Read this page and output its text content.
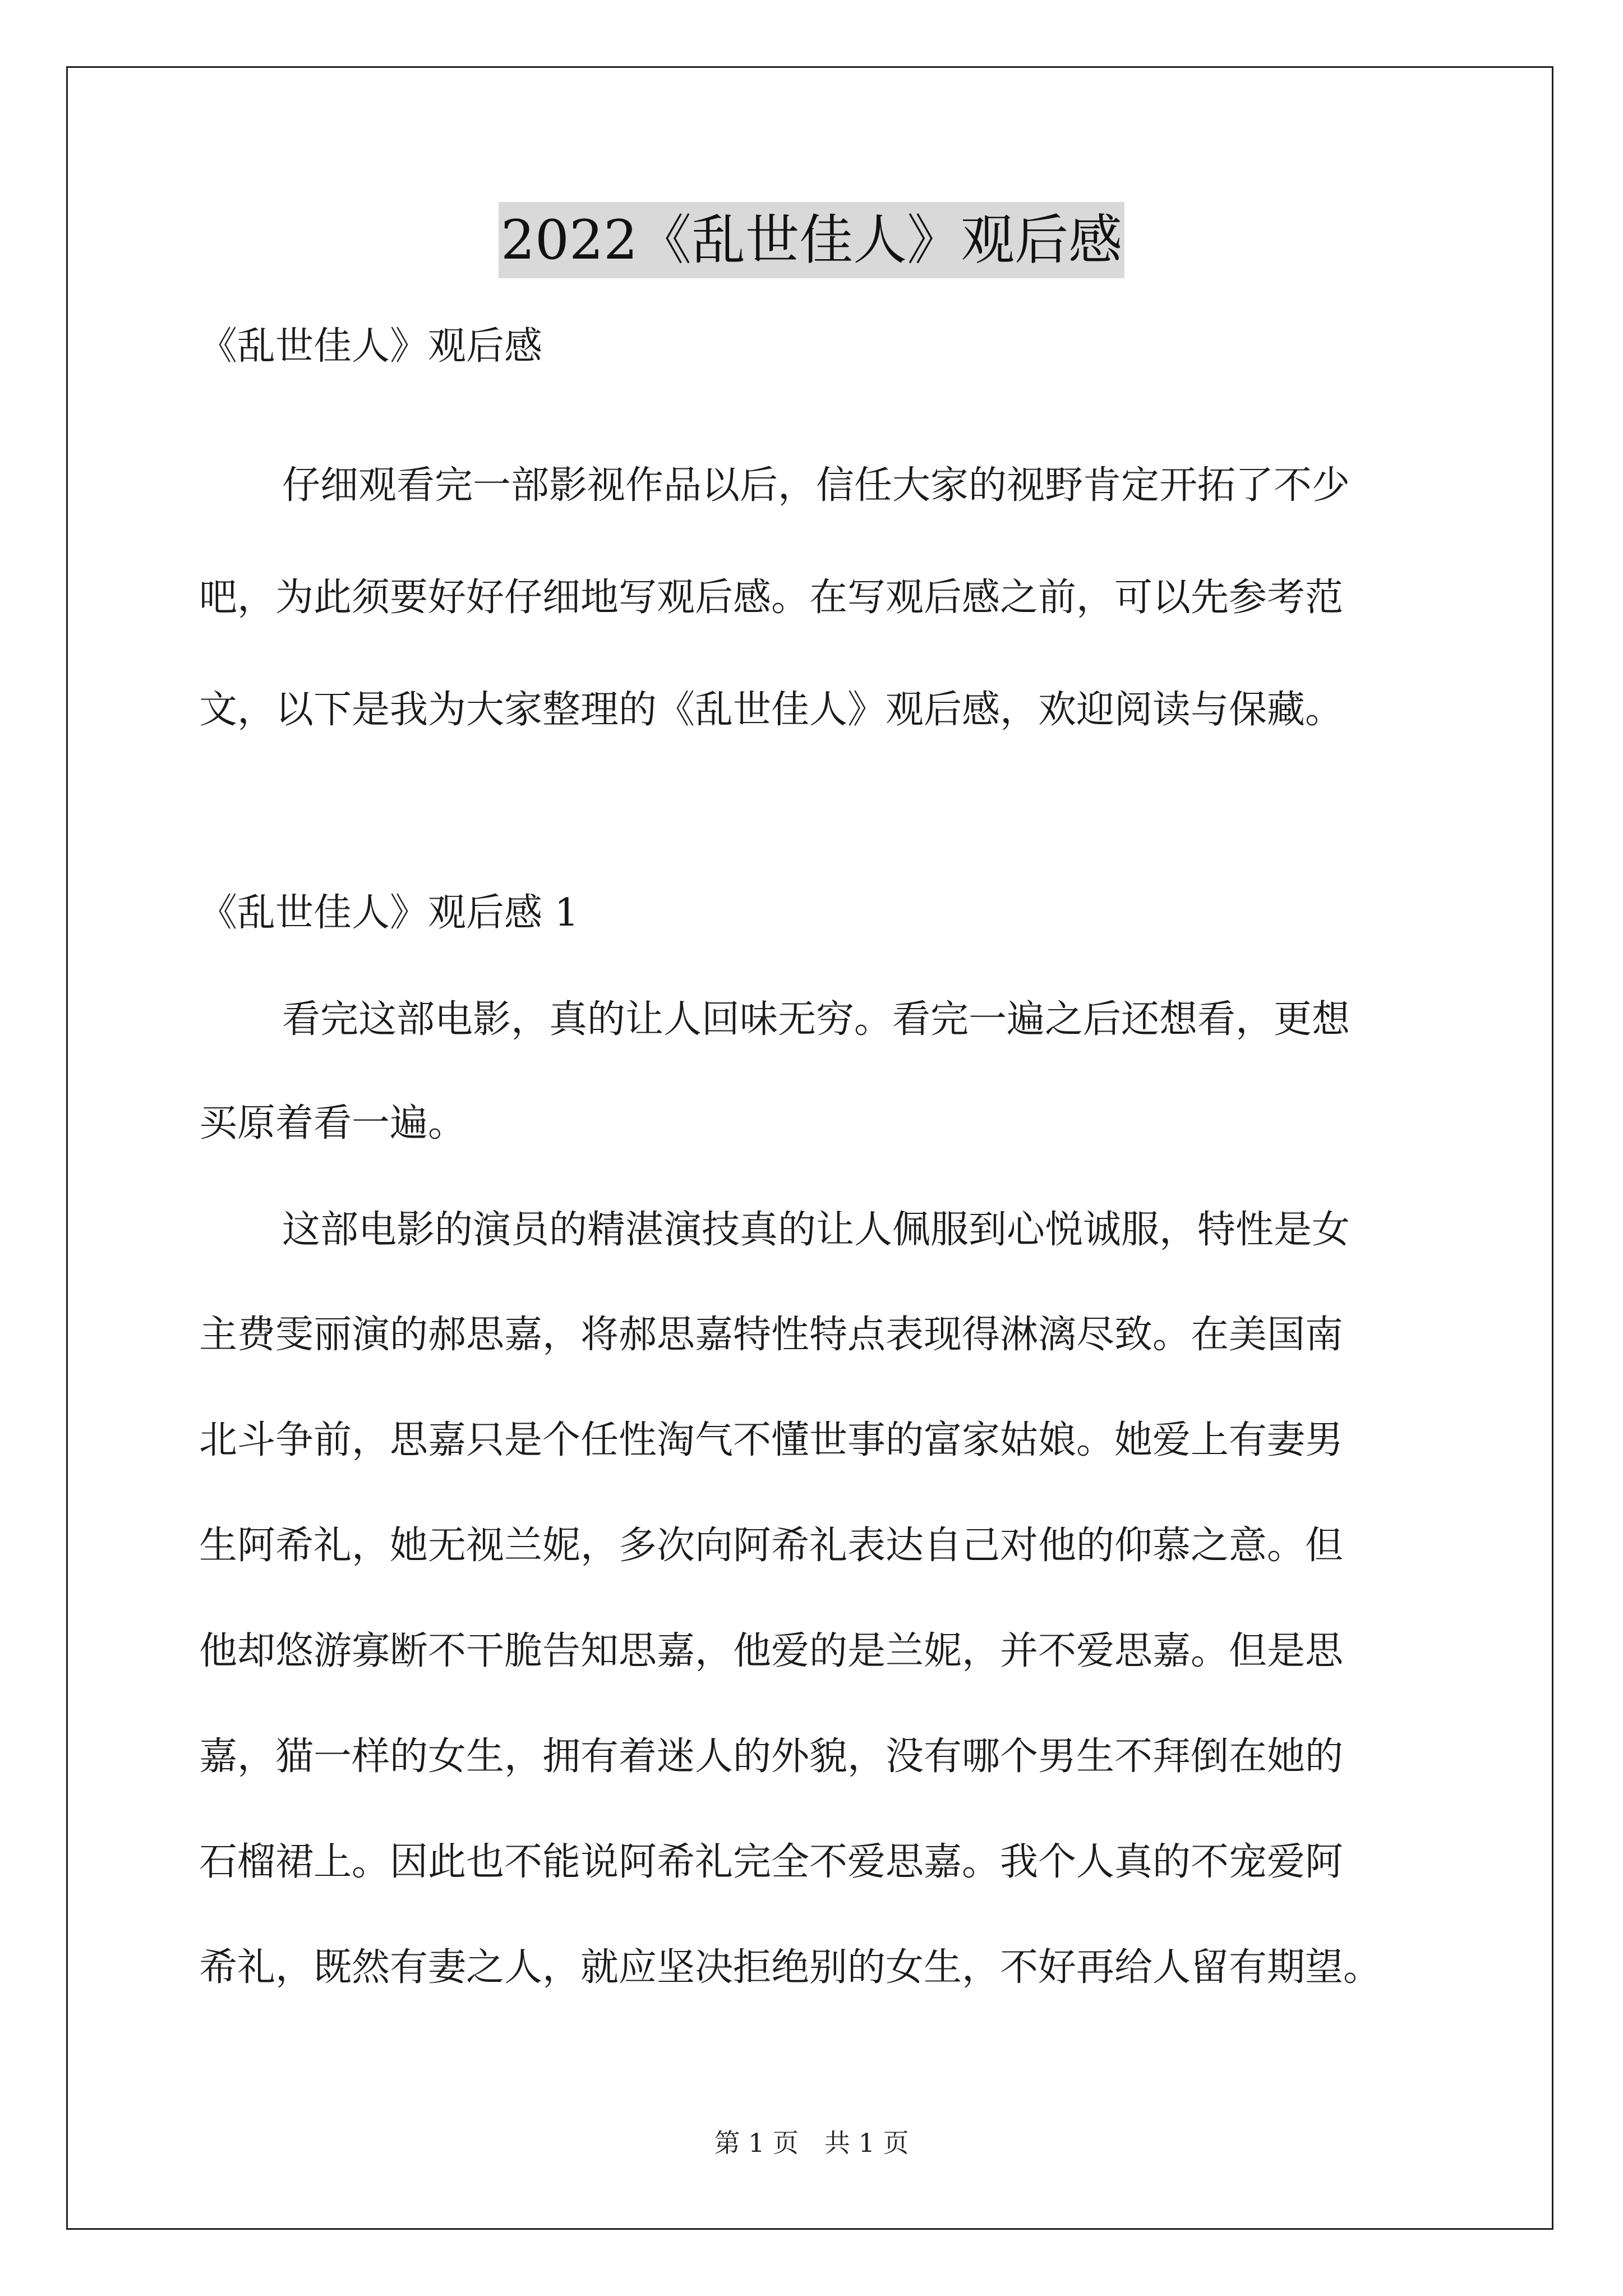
2022《乱世佳人》观后感
《乱世佳人》观后感
仔细观看完一部影视作品以后，信任大家的视野肯定开拓了不少
吧，为此须要好好仔细地写观后感。在写观后感之前，可以先参考范
文，以下是我为大家整理的《乱世佳人》观后感，欢迎阅读与保藏。
《乱世佳人》观后感 1
看完这部电影，真的让人回味无穷。看完一遍之后还想看，更想
买原着看一遍。
这部电影的演员的精湛演技真的让人佩服到心悦诚服，特性是女
主费雯丽演的郝思嘉，将郝思嘉特性特点表现得淋漓尽致。在美国南
北斗争前，思嘉只是个任性淘气不懂世事的富家姑娘。她爱上有妻男
生阿希礼，她无视兰妮，多次向阿希礼表达自己对他的仰慕之意。但
他却悠游寡断不干脆告知思嘉，他爱的是兰妮，并不爱思嘉。但是思
嘉，猫一样的女生，拥有着迷人的外貌，没有哪个男生不拜倒在她的
石榴裙上。因此也不能说阿希礼完全不爱思嘉。我个人真的不宠爱阿
希礼，既然有妻之人，就应坚决拒绝别的女生，不好再给人留有期望。
第 1 页 共 1 页
